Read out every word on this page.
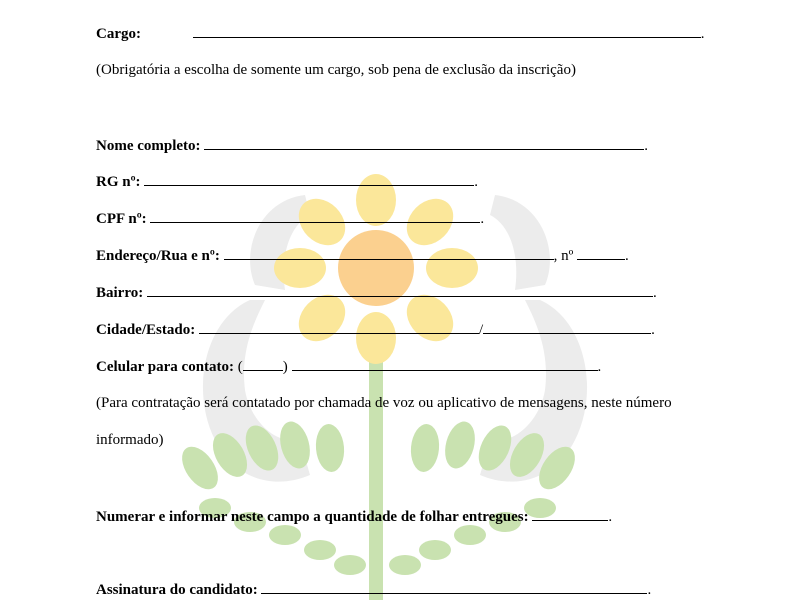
Cargo:	.
(Obrigatória a escolha de somente um cargo, sob pena de exclusão da inscrição)
Nome completo:	.
RG nº:	.
CPF nº:	.
Endereço/Rua e nº:	, nº	.
Bairro:	.
Cidade/Estado:	/	.
Celular para contato: (	)	.
(Para contratação será contatado por chamada de voz ou aplicativo de mensagens, neste número
informado)
Numerar e informar neste campo a quantidade de folhar entregues:	.
Assinatura do candidato:	.
